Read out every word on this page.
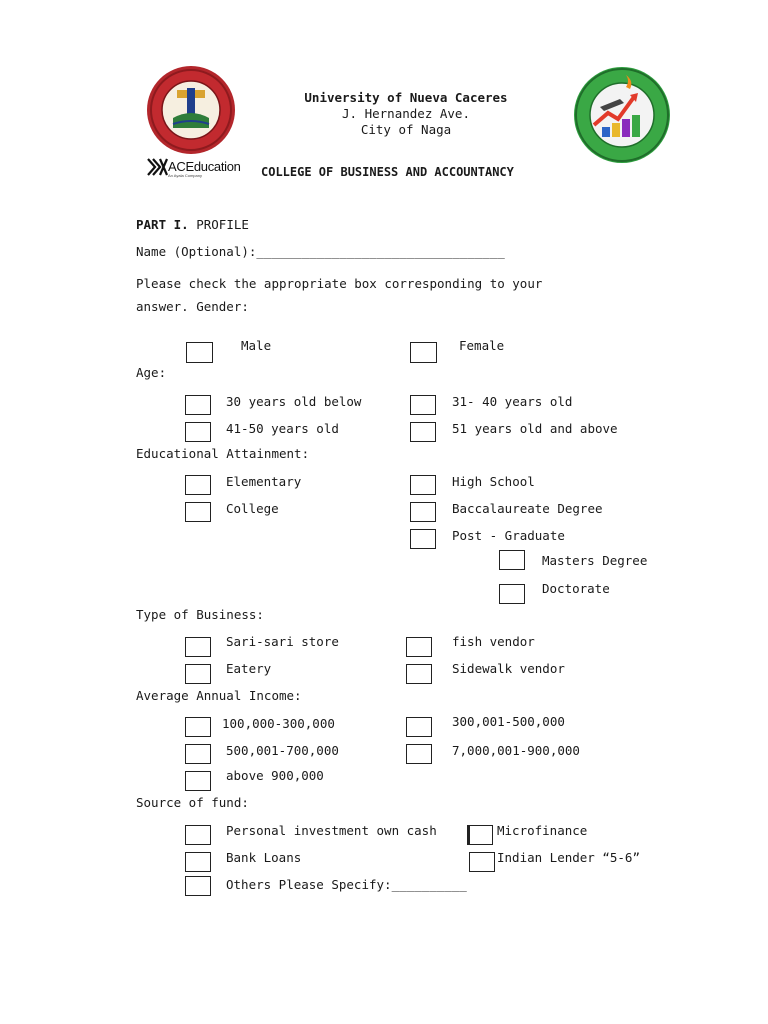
ACEducation
An Ayala Company
University of Nueva Caceres
J. Hernandez Ave.
City of Naga
COLLEGE OF BUSINESS AND ACCOUNTANCY
PART I. PROFILE
Name (Optional):_________________________________
Please check the appropriate box corresponding to your
answer. Gender:
Male	Female
Age:
30 years old below	31- 40 years old
41-50 years old	51 years old and above
Educational Attainment:
Elementary	High School
College	Baccalaureate Degree
Post - Graduate
Masters Degree
Doctorate
Type of Business:
Sari-sari store	fish vendor
Eatery	Sidewalk vendor
Average Annual Income:
100,000-300,000	300,001-500,000
500,001-700,000	7,000,001-900,000
above 900,000
Source of fund:
Personal investment own cash	Microfinance
Bank Loans	Indian Lender “5-6”
Others Please Specify:__________
